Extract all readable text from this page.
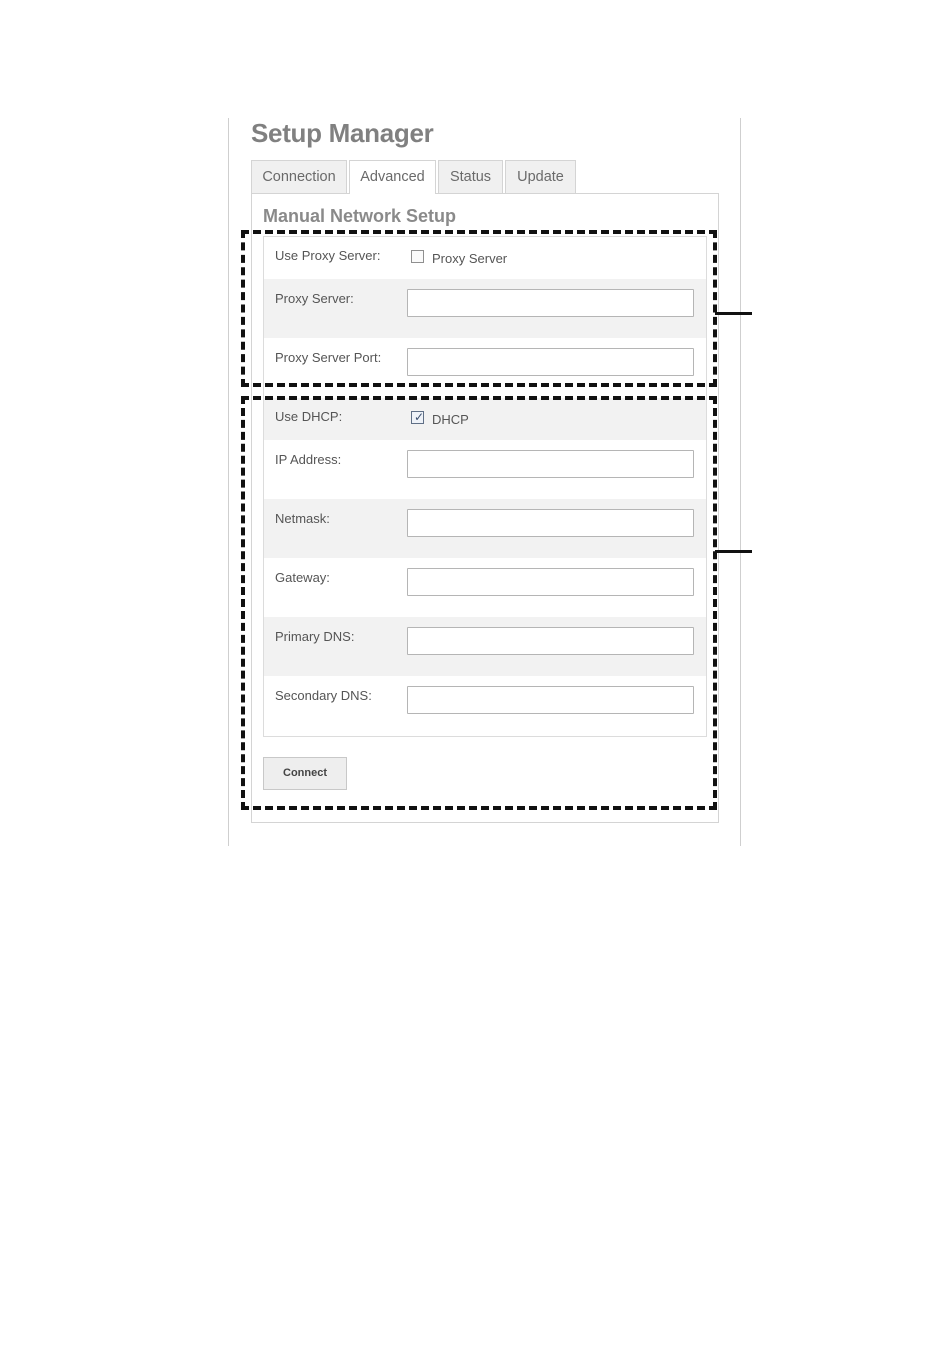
Setup Manager
Connection	Advanced	Status	Update
Manual Network Setup
Use Proxy Server:	Proxy Server
Proxy Server:
Proxy Server Port:
Use DHCP:	✓ DHCP
IP Address:
Netmask:
Gateway:
Primary DNS:
Secondary DNS:
Connect
